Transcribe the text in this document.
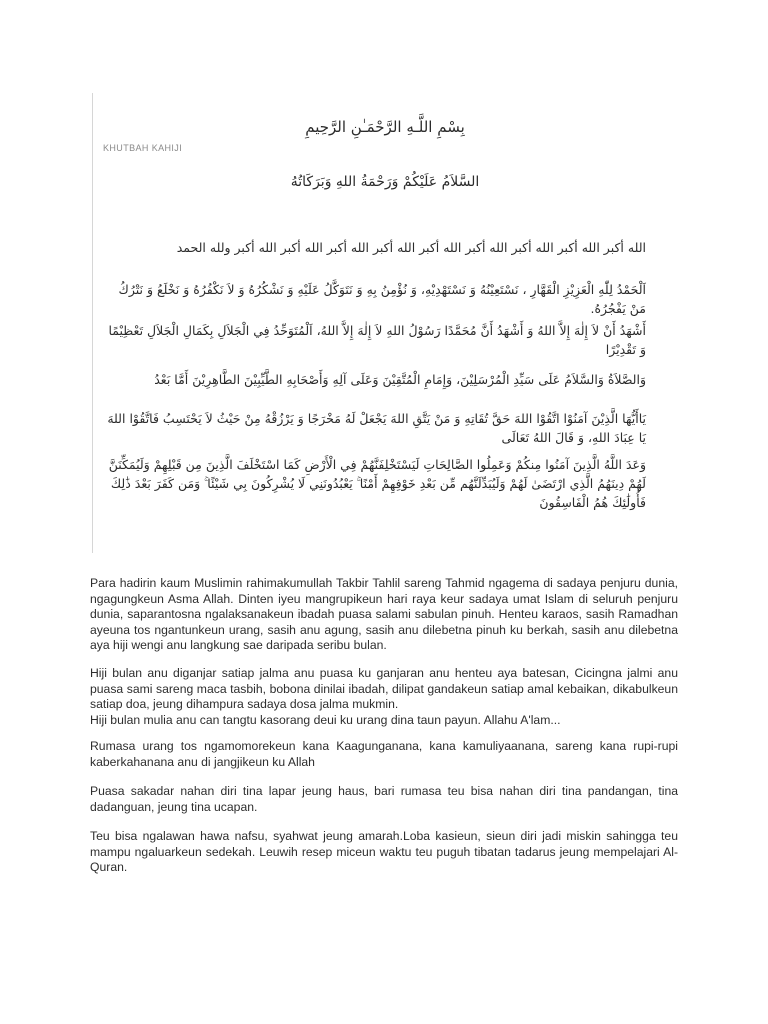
بِسْمِ اللَّـهِ الرَّحْمَـٰنِ الرَّحِيمِ
KHUTBAH KAHIJI
السَّلاَمُ عَلَيْكُمْ وَرَحْمَةُ اللهِ وَبَرَكَاتُهُ
الله أكبر الله أكبر الله أكبر الله أكبر الله أكبر الله أكبر الله أكبر الله أكبر الله أكبر ولله الحمد
اَلْحَمْدُ لِلّٰهِ الْعَزِيْزِ الْقَهَّارِ ، نَسْتَعِيْنُهُ وَ نَسْتَهْدِيْهِ، وَ نُؤْمِنُ بِهِ وَ نَتَوَكَّلُ عَلَيْهِ وَ نَشْكُرُهُ وَ لاَ نَكْفُرُهُ وَ نَخْلَعُ وَ نَتْرُكُ مَنْ يَفْجُرُهُ.
أَشْهَدُ أَنْ لاَ إِلٰهَ إِلاَّ اللهُ وَ أَشْهَدُ أَنَّ مُحَمَّدًا رَسُوْلُ اللهِ لاَ إِلٰهَ إِلاَّ اللهُ، اَلْمُتَوَحِّدُ فِي الْجَلاَلِ بِكَمَالِ الْجَلاَلِ تَعْظِيْمًا وَ تَقْدِيْرًا
وَالصَّلاَةُ وَالسَّلاَمُ عَلَى سَيِّدِ الْمُرْسَلِيْنَ، وَإِمَامِ الْمُتَّقِيْنَ وَعَلَى آلِهِ وَأَصْحَابِهِ الطَّيِّبِيْنَ الطَّاهِرِيْنَ أَمَّا بَعْدُ
يَاأَيُّهَا الَّذِيْنَ آمَنُوْا اتَّقُوْا اللهَ حَقَّ تُقَاتِهِ وَ مَنْ يَتَّقِ اللهَ يَجْعَلْ لَهُ مَخْرَجًا وَ يَرْزُقْهُ مِنْ حَيْثُ لاَ يَحْتَسِبُ فَاتَّقُوْا اللهَ يَا عِبَادَ اللهِ، وَ قَالَ اللهُ تَعَالَى
وَعَدَ اللَّهُ الَّذِينَ آمَنُوا مِنكُمْ وَعَمِلُوا الصَّالِحَاتِ لَيَسْتَخْلِفَنَّهُمْ فِي الْأَرْضِ كَمَا اسْتَخْلَفَ الَّذِينَ مِن قَبْلِهِمْ وَلَيُمَكِّنَنَّ لَهُمْ دِينَهُمُ الَّذِي ارْتَضَىٰ لَهُمْ وَلَيُبَدِّلَنَّهُم مِّن بَعْدِ خَوْفِهِمْ أَمْنًا ۚ يَعْبُدُونَنِي لَا يُشْرِكُونَ بِي شَيْئًا ۚ وَمَن كَفَرَ بَعْدَ ذَٰلِكَ فَأُولَٰئِكَ هُمُ الْفَاسِقُونَ

Para hadirin kaum Muslimin rahimakumullah Takbir Tahlil sareng Tahmid ngagema di sadaya penjuru dunia, ngagungkeun Asma Allah. Dinten iyeu mangrupikeun hari raya keur sadaya umat Islam di seluruh penjuru dunia, saparantosna ngalaksanakeun ibadah puasa salami sabulan pinuh. Henteu karaos, sasih Ramadhan ayeuna tos ngantunkeun urang, sasih anu agung, sasih anu dilebetna pinuh ku berkah, sasih anu dilebetna aya hiji wengi anu langkung sae daripada seribu bulan.

Hiji bulan anu diganjar satiap jalma anu puasa ku ganjaran anu henteu aya batesan, Cicingna jalmi anu puasa sami sareng maca tasbih, bobona dinilai ibadah, dilipat gandakeun satiap amal kebaikan, dikabulkeun satiap doa, jeung dihampura sadaya dosa jalma mukmin.
Hiji bulan mulia anu can tangtu kasorang deui ku urang dina taun payun. Allahu A'lam...

Rumasa urang tos ngamomorekeun kana Kaagunganana, kana kamuliyaanana, sareng kana rupi-rupi kaberkahanana anu di jangjikeun ku Allah

Puasa sakadar nahan diri tina lapar jeung haus, bari rumasa teu bisa nahan diri tina pandangan, tina dadanguan, jeung tina ucapan.

Teu bisa ngalawan hawa nafsu, syahwat jeung amarah.Loba kasieun, sieun diri jadi miskin sahingga teu mampu ngaluarkeun sedekah. Leuwih resep miceun waktu teu puguh tibatan tadarus jeung mempelajari Al-Quran.
